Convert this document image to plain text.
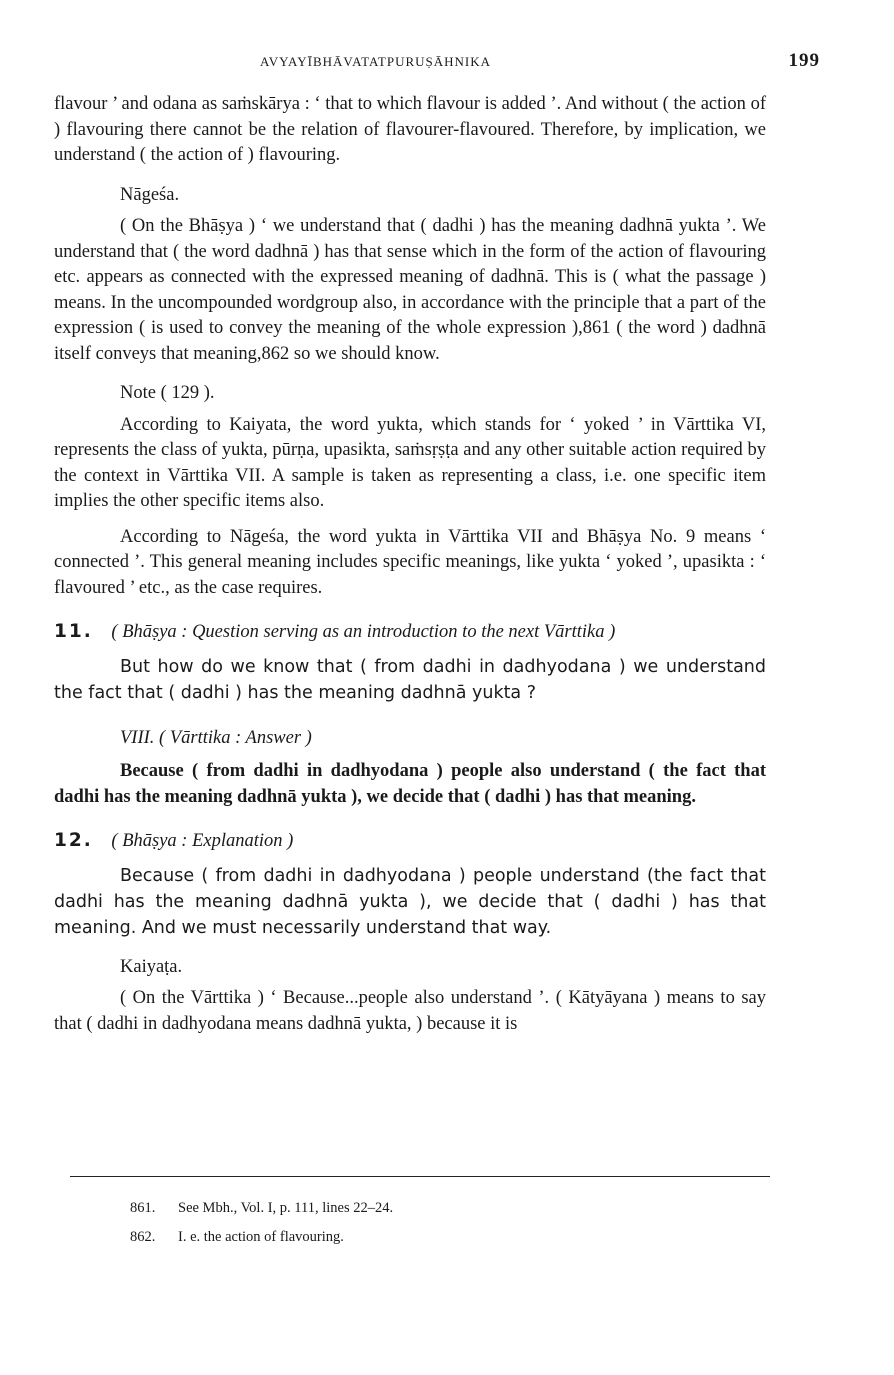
AVYAYĪBHĀVATATPURUṢĀHNIKA	199

flavour ’ and odana as saṁskārya : ‘ that to which flavour is added ’. And without ( the action of ) flavouring there cannot be the relation of flavourer-flavoured. Therefore, by implication, we understand ( the action of ) flavouring.

Nāgeśa.

( On the Bhāṣya ) ‘ we understand that ( dadhi ) has the meaning dadhnā yukta ’. We understand that ( the word dadhnā ) has that sense which in the form of the action of flavouring etc. appears as connected with the expressed meaning of dadhnā. This is ( what the passage ) means. In the uncompounded wordgroup also, in accordance with the principle that a part of the expression ( is used to convey the meaning of the whole expression ),861 ( the word ) dadhnā itself conveys that meaning,862 so we should know.

Note ( 129 ).

According to Kaiyata, the word yukta, which stands for ‘ yoked ’ in Vārttika VI, represents the class of yukta, pūrṇa, upasikta, saṁsṛṣṭa and any other suitable action required by the context in Vārttika VII. A sample is taken as representing a class, i.e. one specific item implies the other specific items also.

According to Nāgeśa, the word yukta in Vārttika VII and Bhāṣya No. 9 means ‘ connected ’. This general meaning includes specific meanings, like yukta ‘ yoked ’, upasikta : ‘ flavoured ’ etc., as the case requires.

11. ( Bhāṣya : Question serving as an introduction to the next Vārttika )

But how do we know that ( from dadhi in dadhyodana ) we understand the fact that ( dadhi ) has the meaning dadhnā yukta ?

VIII. ( Vārttika : Answer )

Because ( from dadhi in dadhyodana ) people also understand ( the fact that dadhi has the meaning dadhnā yukta ), we decide that ( dadhi ) has that meaning.

12. ( Bhāṣya : Explanation )

Because ( from dadhi in dadhyodana ) people understand (the fact that dadhi has the meaning dadhnā yukta ), we decide that ( dadhi ) has that meaning. And we must necessarily understand that way.

Kaiyaṭa.

( On the Vārttika ) ‘ Because...people also understand ’. ( Kātyāyana ) means to say that ( dadhi in dadhyodana means dadhnā yukta, ) because it is

861. See Mbh., Vol. I, p. 111, lines 22–24.
862. I. e. the action of flavouring.
